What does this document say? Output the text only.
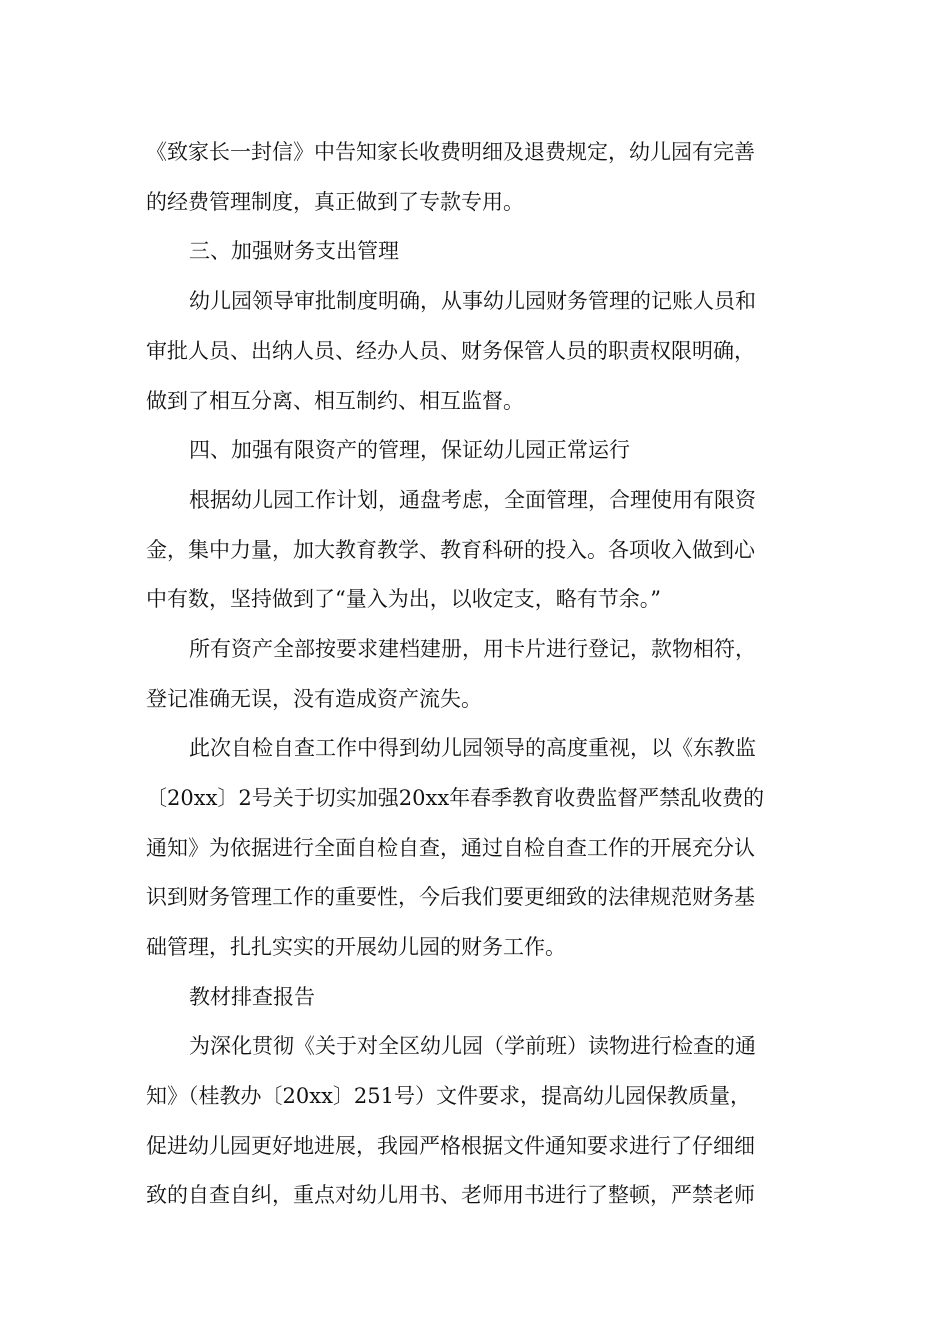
《致家长一封信》中告知家长收费明细及退费规定，幼儿园有完善
的经费管理制度，真正做到了专款专用。
三、加强财务支出管理
幼儿园领导审批制度明确，从事幼儿园财务管理的记账人员和
审批人员、出纳人员、经办人员、财务保管人员的职责权限明确，
做到了相互分离、相互制约、相互监督。
四、加强有限资产的管理，保证幼儿园正常运行
根据幼儿园工作计划，通盘考虑，全面管理，合理使用有限资
金，集中力量，加大教育教学、教育科研的投入。各项收入做到心
中有数，坚持做到了“量入为出，以收定支，略有节余。”
所有资产全部按要求建档建册，用卡片进行登记，款物相符，
登记准确无误，没有造成资产流失。
此次自检自查工作中得到幼儿园领导的高度重视，以《东教监
〔20xx〕2号关于切实加强20xx年春季教育收费监督严禁乱收费的
通知》为依据进行全面自检自查，通过自检自查工作的开展充分认
识到财务管理工作的重要性，今后我们要更细致的法律规范财务基
础管理，扎扎实实的开展幼儿园的财务工作。
教材排查报告
为深化贯彻《关于对全区幼儿园（学前班）读物进行检查的通
知》（桂教办〔20xx〕251号）文件要求，提高幼儿园保教质量，
促进幼儿园更好地进展，我园严格根据文件通知要求进行了仔细细
致的自查自纠，重点对幼儿用书、老师用书进行了整顿，严禁老师
